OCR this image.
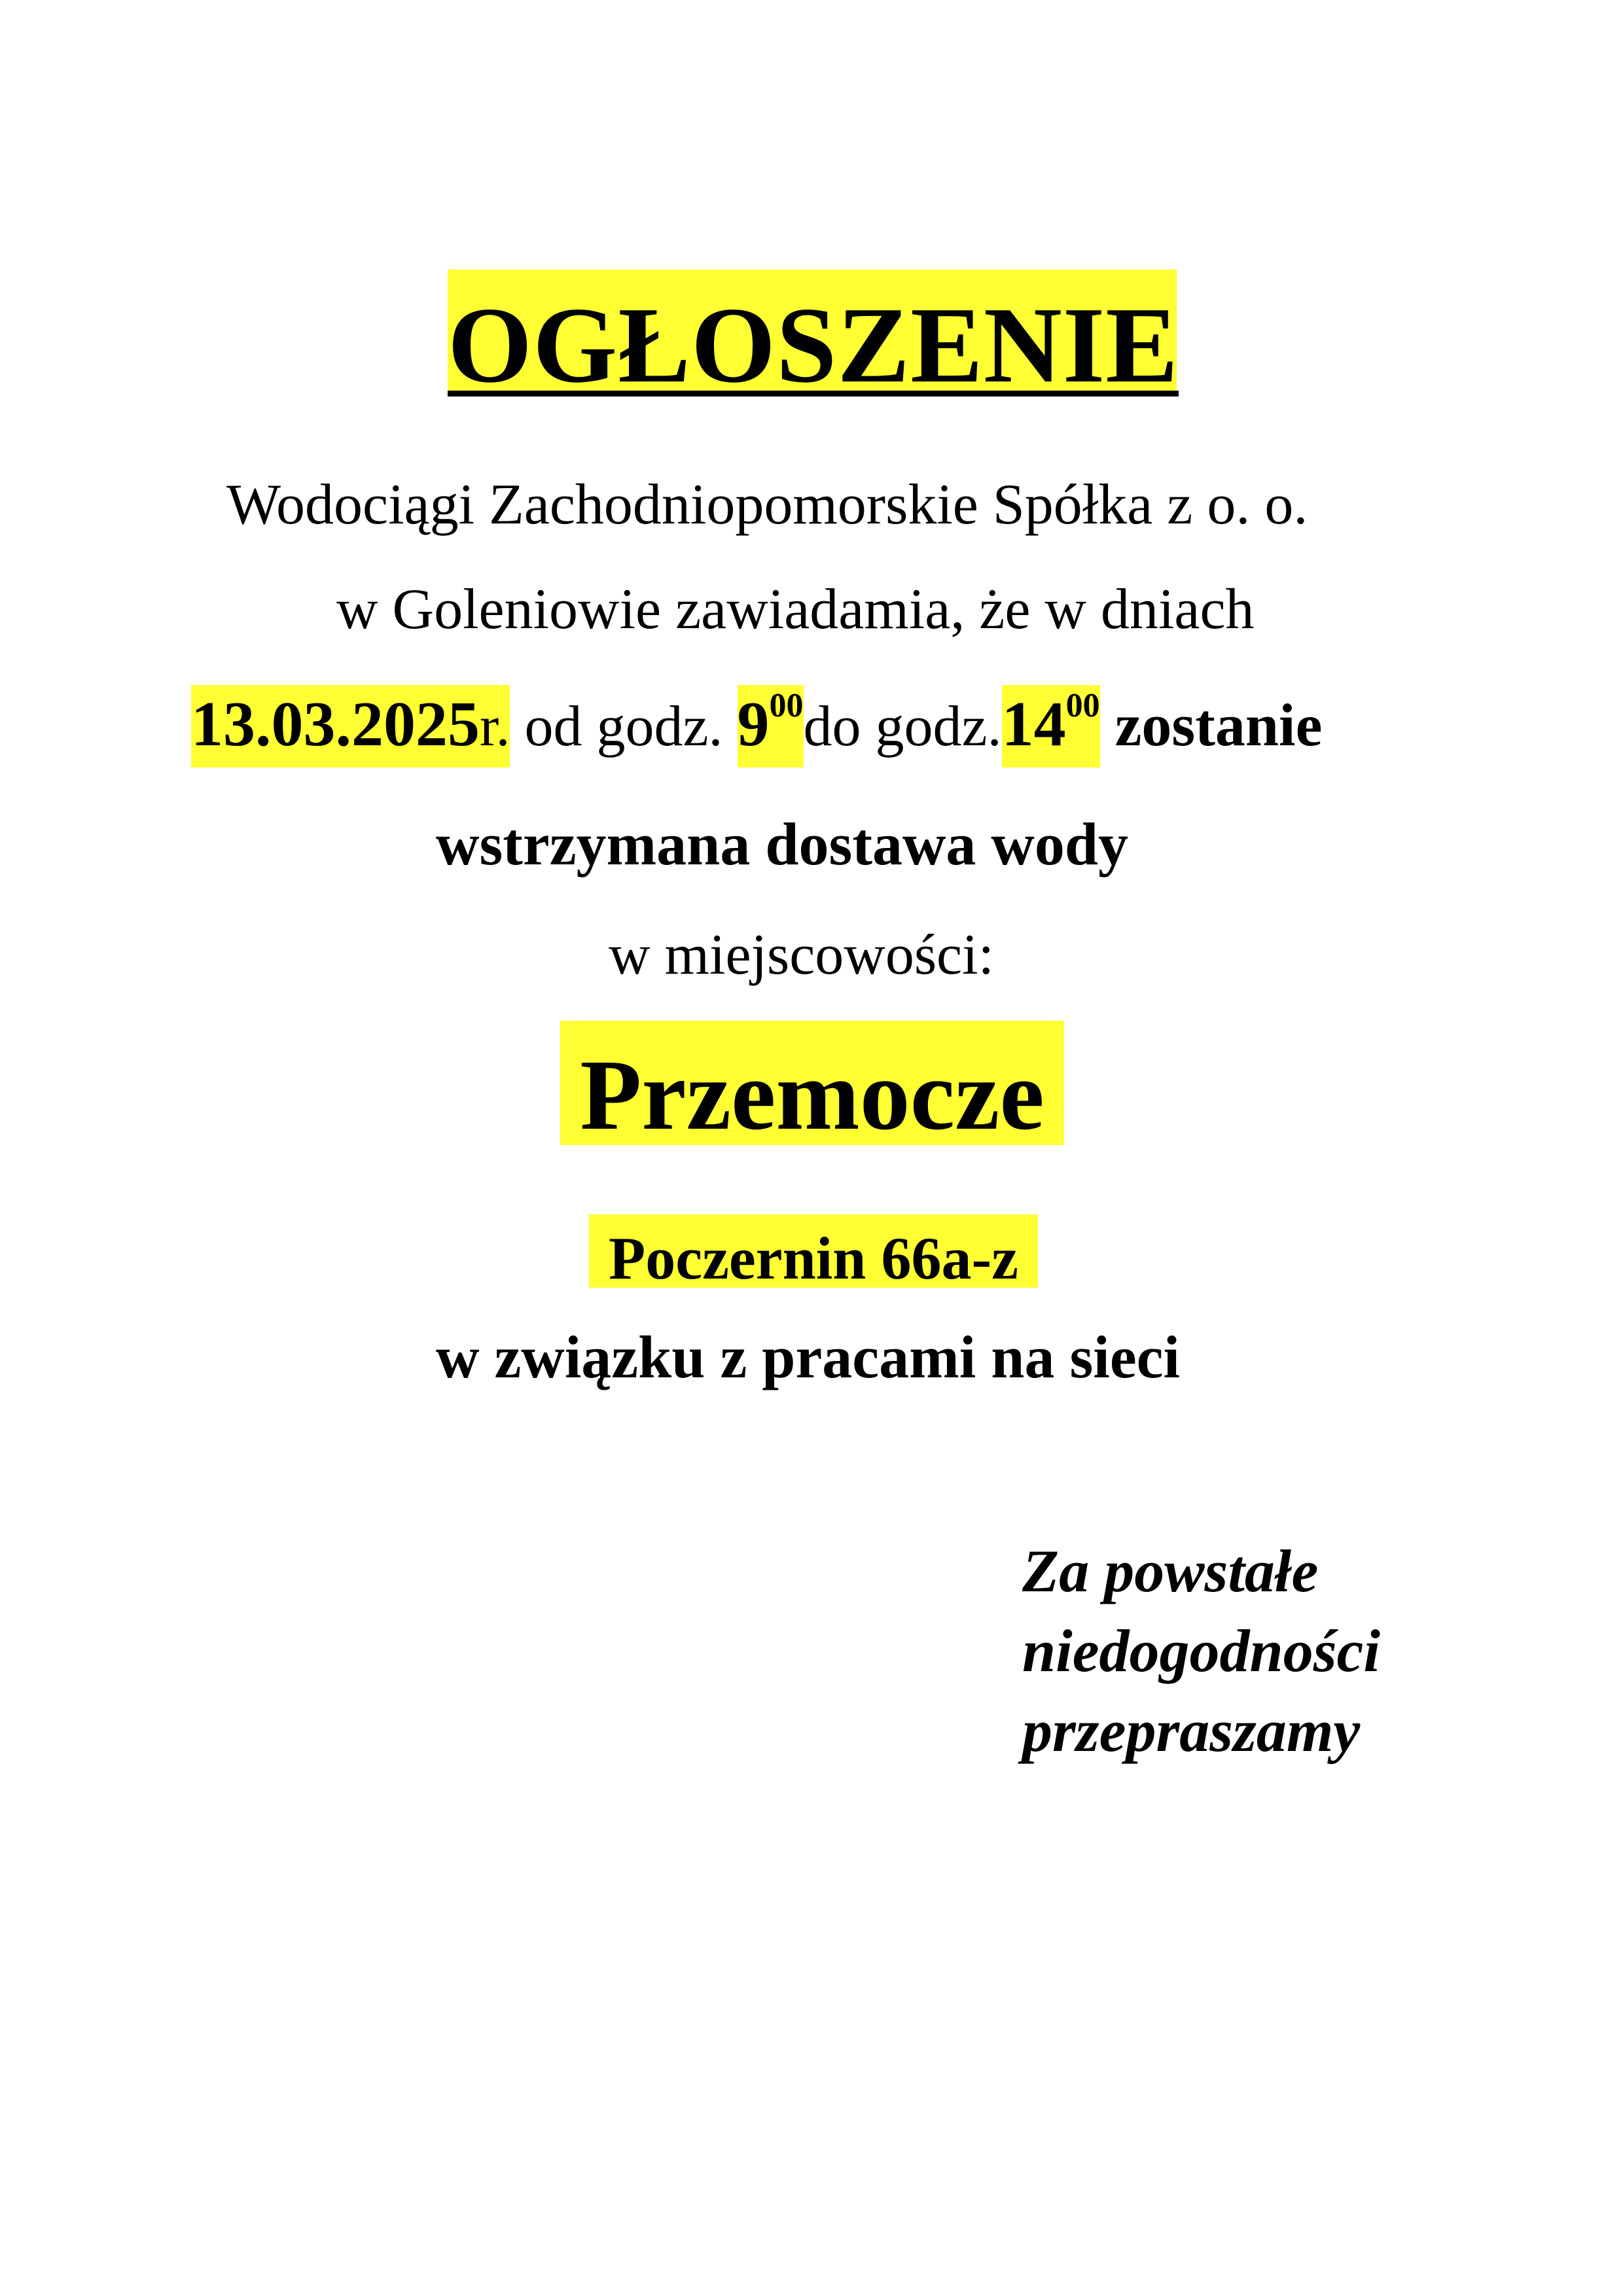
OGŁOSZENIE
Wodociągi Zachodniopomorskie Spółka z o. o.
w Goleniowie zawiadamia, że w dniach
13.03.2025r. od godz. $9^{00}do$ $godz.14^{00}$ zostanie
wstrzymana dostawa wody
w miejscowości:
Przemocze
Poczernin 66a-z
w związku z pracami na sieci
Za powstałe
niedogodności
przepraszamy
